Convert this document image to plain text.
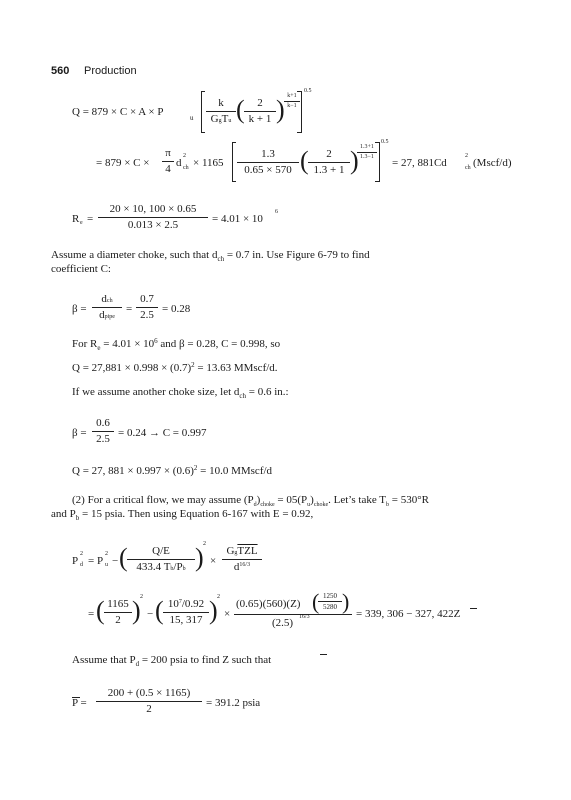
560 Production
Q = 879 × C × A × P	u
k
GgTu ( $\frac{2}{k + 1}$ ) $\frac{k+1}{k-1}$
0.5
= $879 \times C \times \frac{\pi}{4}$ d
2
ch × $1165 \frac{1.3}{0.65 \times 570}$ ( $\frac{2}{1.3 + 1}$ )
$\frac{1.3+1}{1.3-1}$
0.5
= 27, 881Cd
2
ch (Mscf/d)
R $e = \frac{20 \times 10, 100 \times 0.65}{0.013 \times 2.5} = 4.01 \times 10$
6
Assume a diameter choke, such that $d_{ch} = 0.7$ in. Use Figure 6-79 to find
coefficient C:
β =
dch
dpipe
= $\frac{0.7}{2.5} = 0.28$
For $R_e = 4.01 \times 10^6$ and β = 0.28, C = 0.998, so
$Q = 27,881 \times 0.998 \times (0.7)^2 = 13.63$ MMscf/d.
If we assume another choke size, let $d_{ch} = 0.6$ in.:
$\beta = \frac{0.6}{2.5} = 0.24 \to C = 0.997$
Q = 27, $881 \times 0.997 \times (0.6)^2 = 10.0$ MMscf/d
(2) For a critical flow, we may assume $(P_d)_{choke} = 05(P_u)_{choke}$. Let’s take $T_b = 530^\circ R$
and $P_b = 15$ psia. Then using Equation 6-167 with E = 0.92,
P
2
d = P
2
u − ( $\frac{Q/E}{433.4 Tb/Pb}$ ) 2
×
$Gg\overline{TZL}$
$d^{16/3}$
= ( $\frac{1165}{2}$ ) 2
− ( $\frac{10^7/0.92}{15, 317}$ ) 2
×
(0.65)(560)(Z) (
$\frac{1250}{5280}$ )
(2.5) 16/3	= 339, 306 − 327, 422Z
Assume that $P_d = 200$ psia to find Z such that
$P = \frac{200 + (0.5 \times 1165)}{2} = 391.2$ psia
